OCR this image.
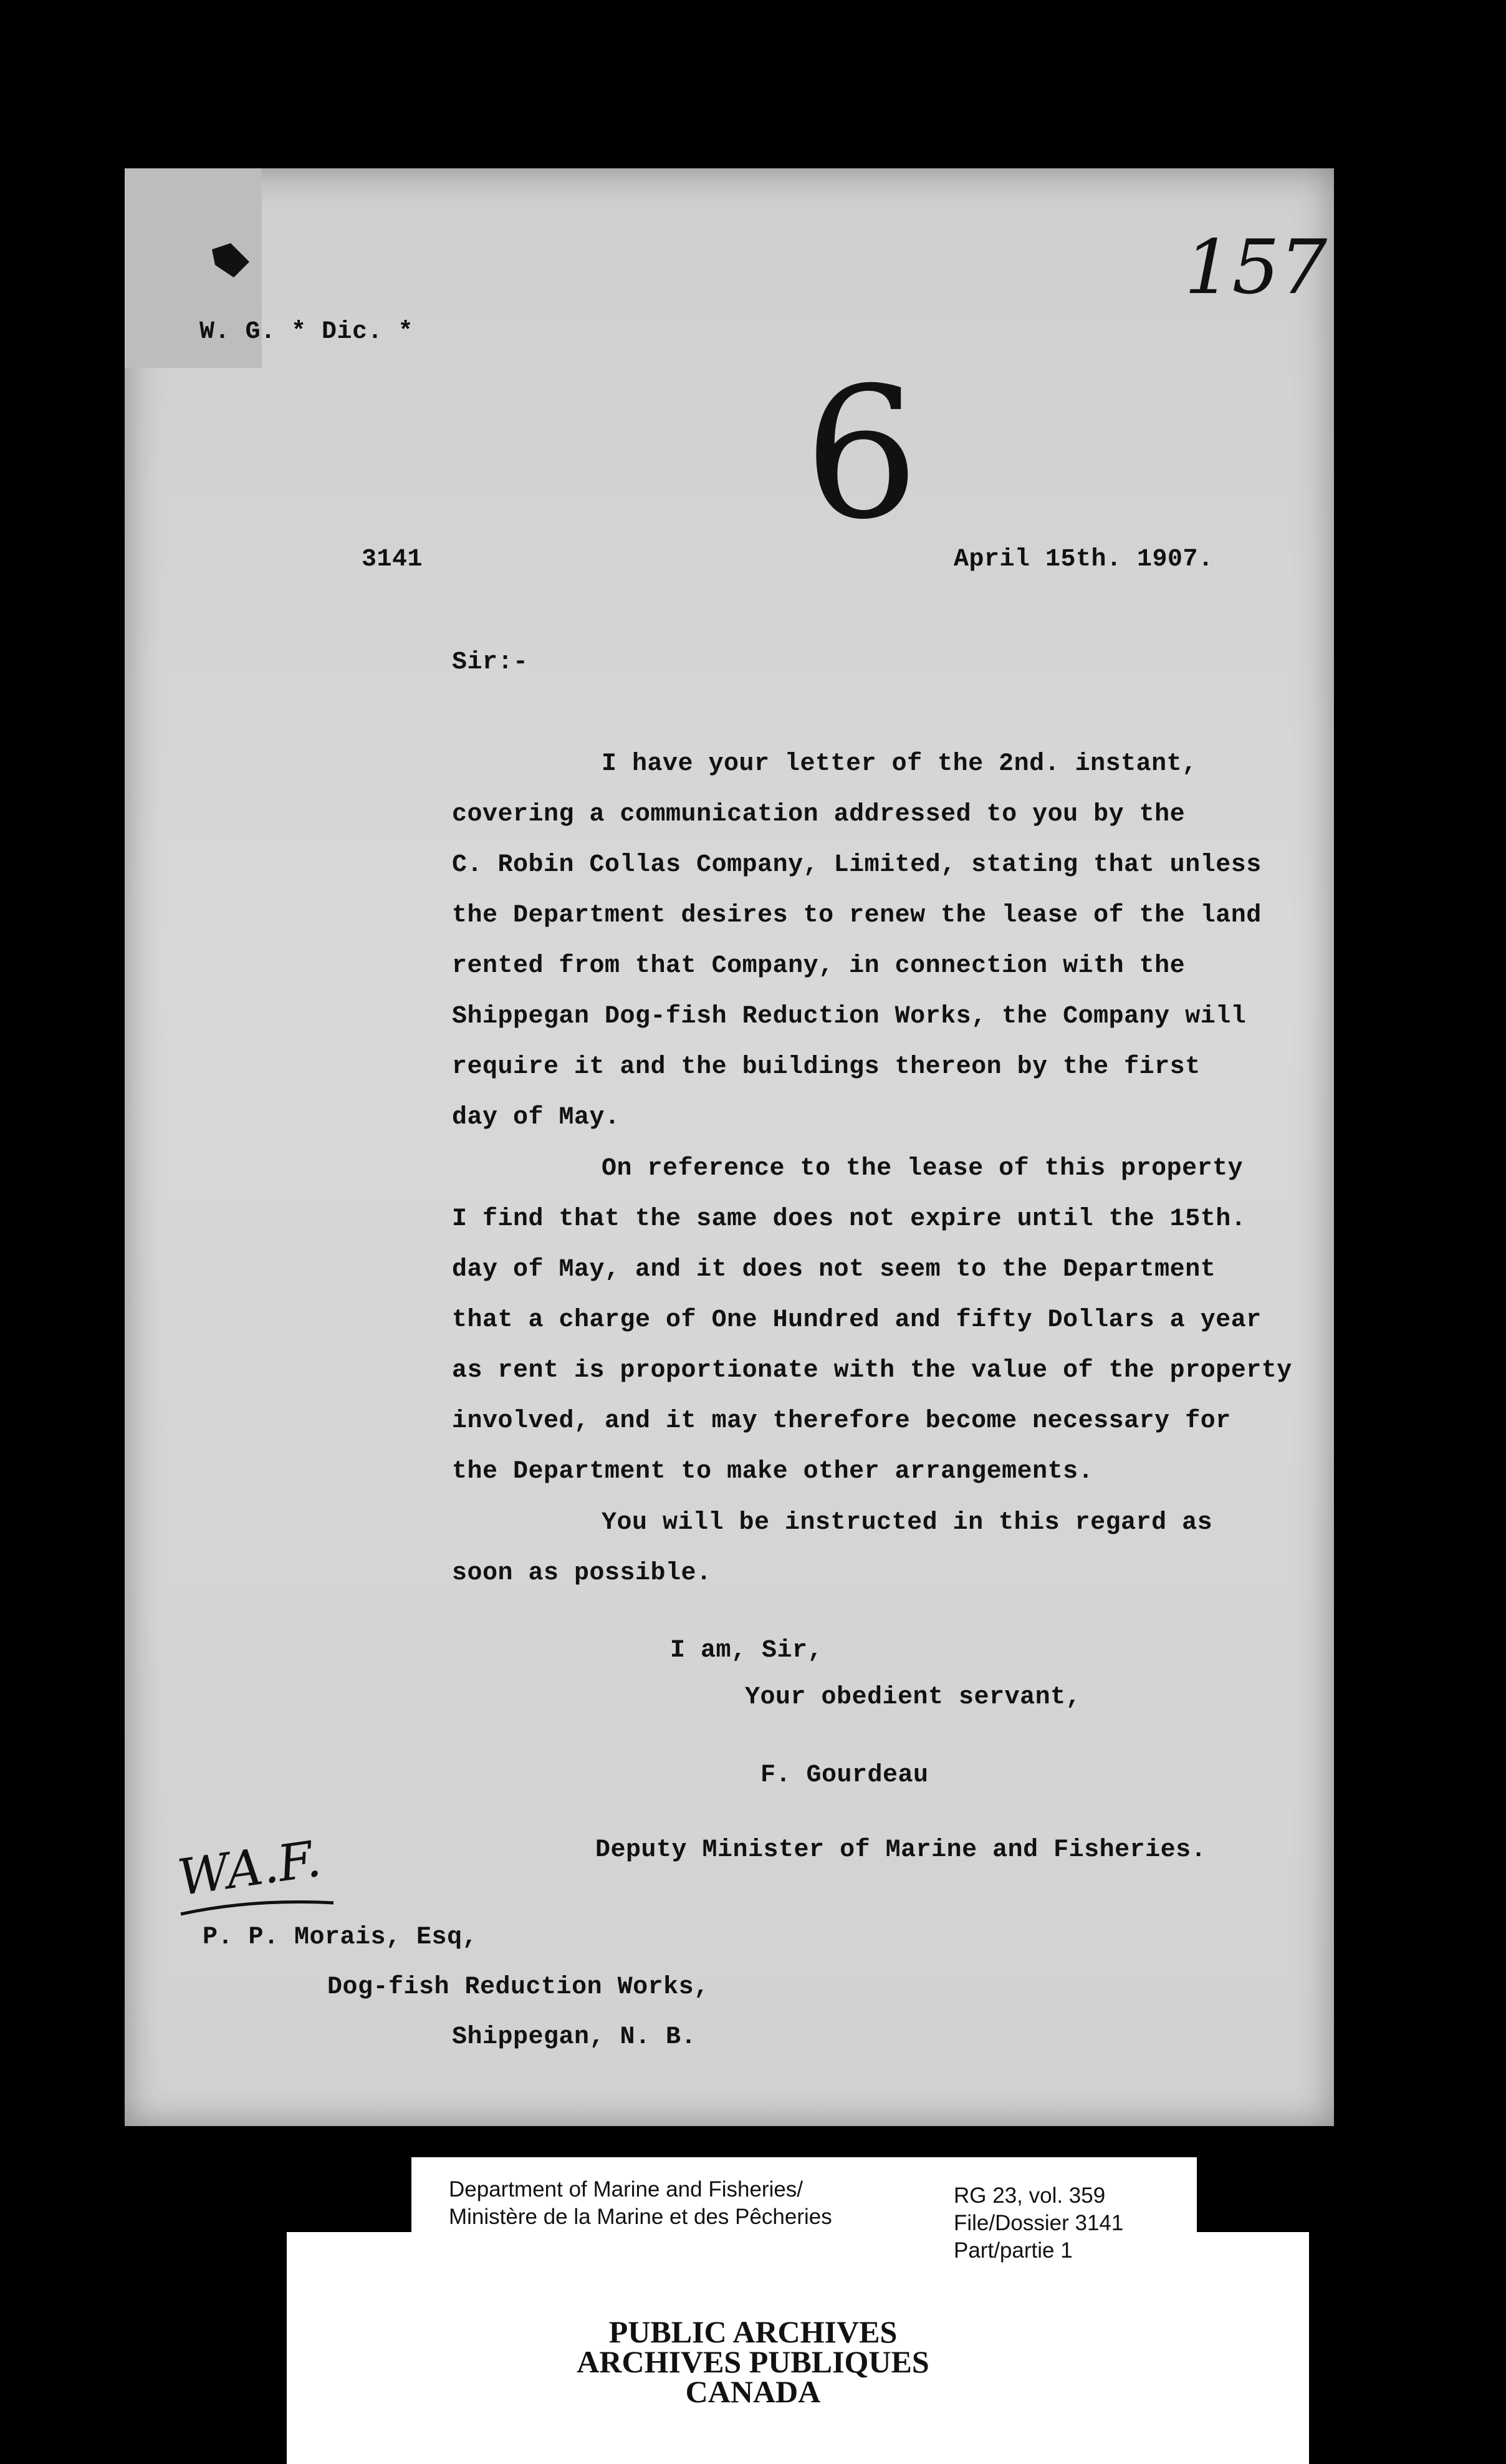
W. G. * Dic. *
157
6
3141	April 15th. 1907.
Sir:-
I have your letter of the 2nd. instant,
covering a communication addressed to you by the
C. Robin Collas Company, Limited, stating that unless
the Department desires to renew the lease of the land
rented from that Company, in connection with the
Shippegan Dog-fish Reduction Works, the Company will
require it and the buildings thereon by the first
day of May.
On reference to the lease of this property
I find that the same does not expire until the 15th.
day of May, and it does not seem to the Department
that a charge of One Hundred and fifty Dollars a year
as rent is proportionate with the value of the property
involved, and it may therefore become necessary for
the Department to make other arrangements.
You will be instructed in this regard as
soon as possible.
I am, Sir,
Your obedient servant,
F. Gourdeau
Deputy Minister of Marine and Fisheries.
WA.F.
P. P. Morais, Esq,
Dog-fish Reduction Works,
Shippegan, N. B.
Department of Marine and Fisheries/
Ministère de la Marine et des Pêcheries
RG 23, vol. 359
File/Dossier 3141
Part/partie 1
PUBLIC ARCHIVES
ARCHIVES PUBLIQUES
CANADA
